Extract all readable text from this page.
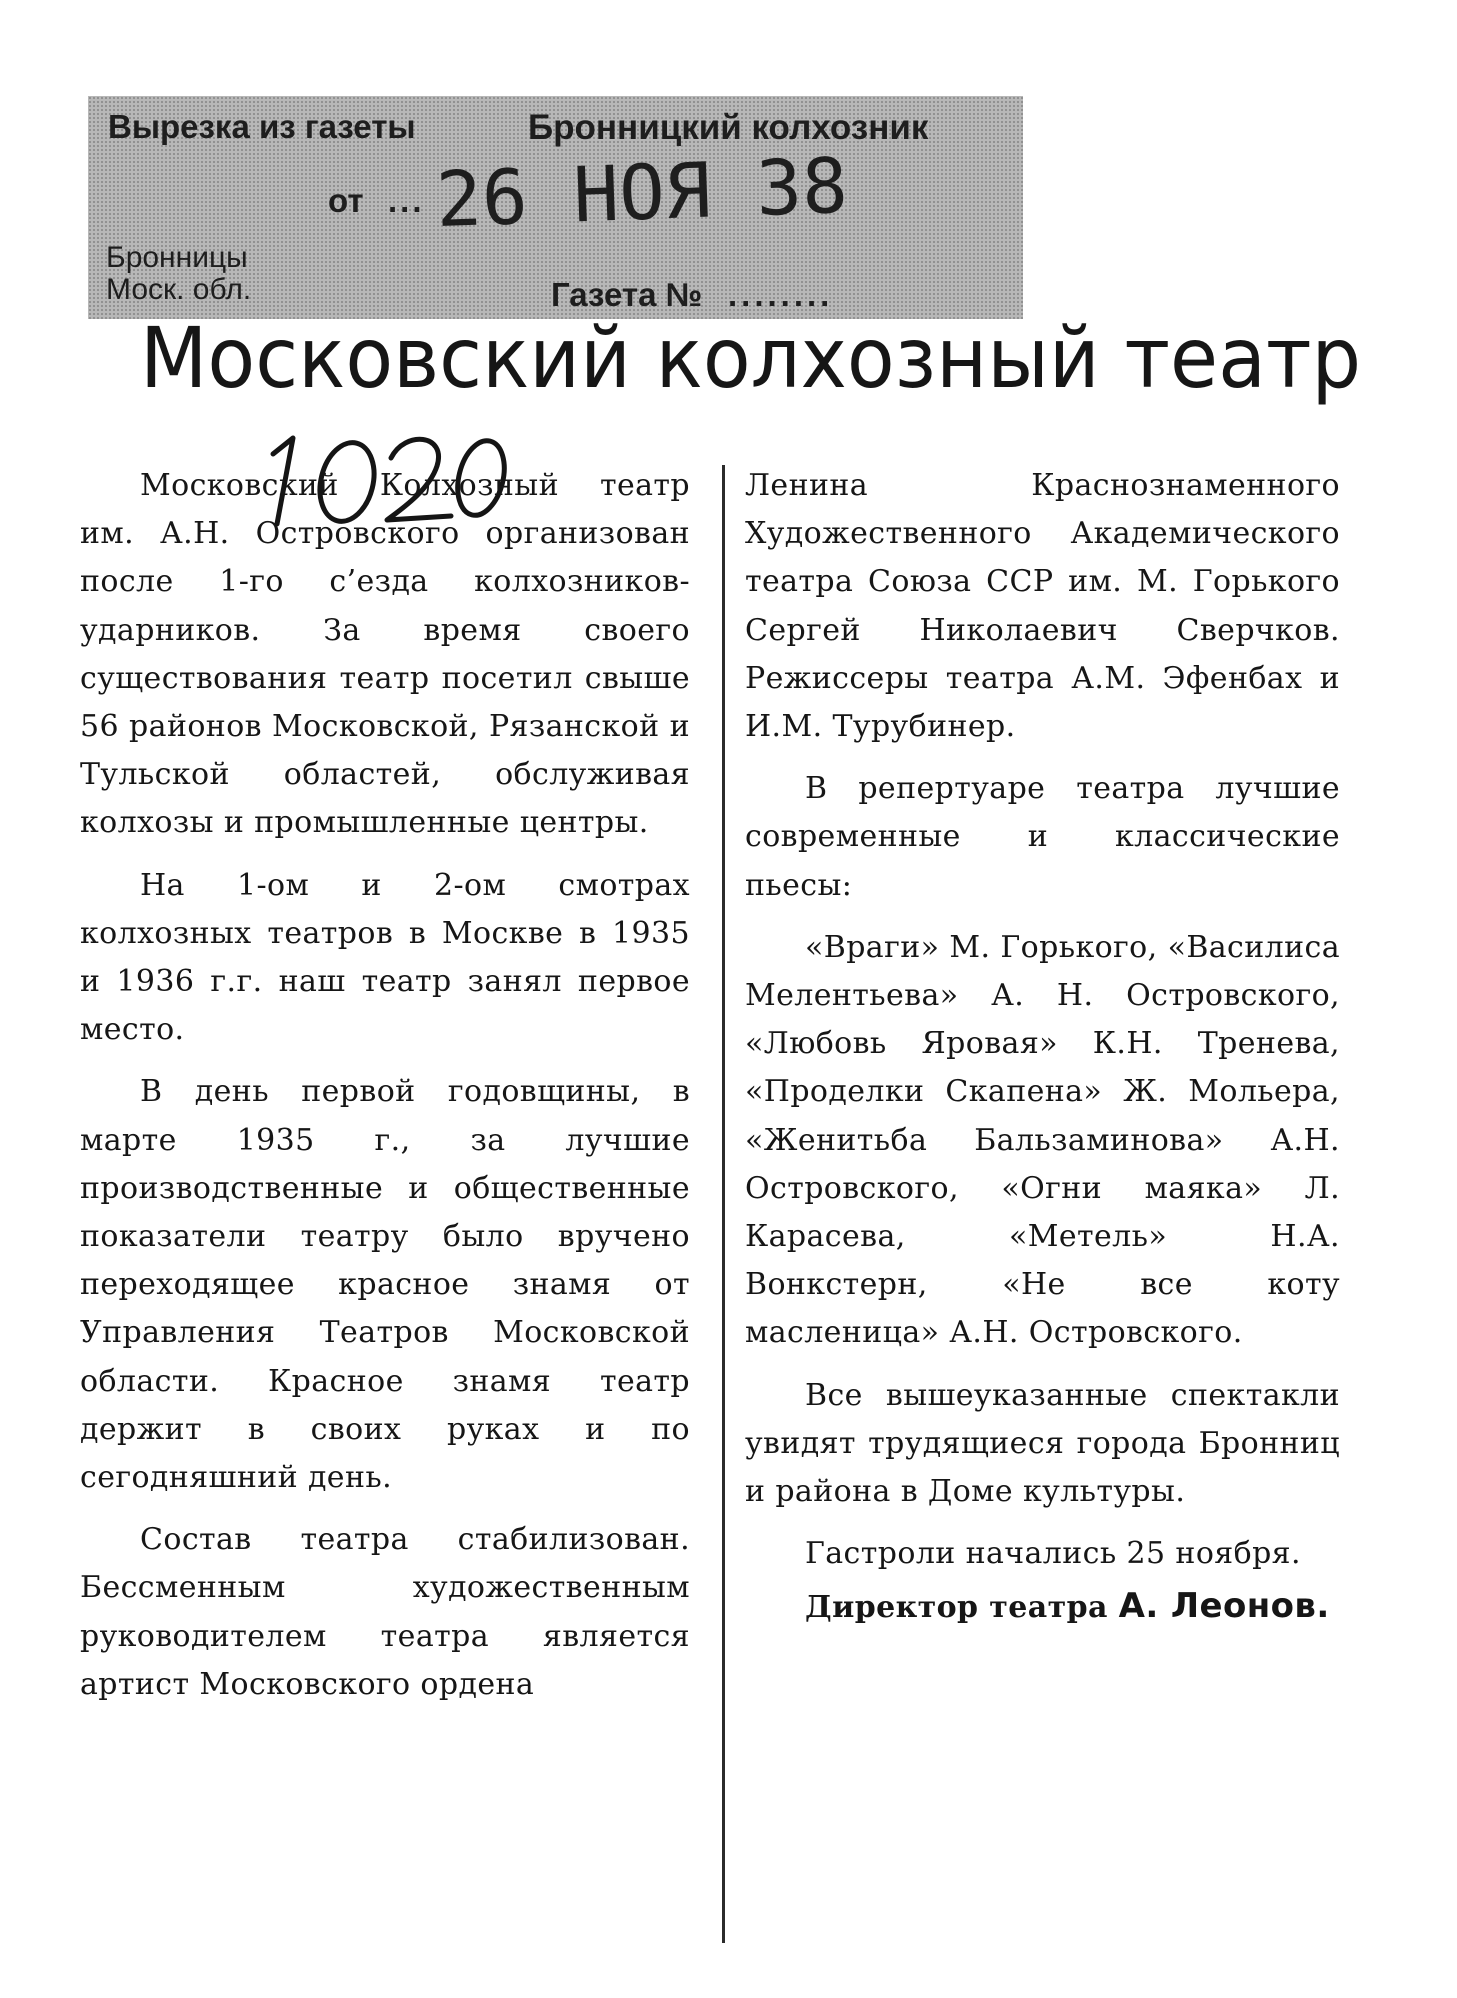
Вырезка из газеты	Бронницкий колхозник
от ... 26 НОЯ 38
Бронницы
Моск. обл.	Газета № ........
Московский колхозный театр

Московский Колхозный театр им. А.Н. Островского организован после 1-го с’езда колхозников-ударников. За время своего существования театр посетил свыше 56 районов Московской, Рязанской и Тульской областей, обслуживая колхозы и промышленные центры.

На 1-ом и 2-ом смотрах колхозных театров в Москве в 1935 и 1936 г.г. наш театр занял первое место.

В день первой годовщины, в марте 1935 г., за лучшие производственные и общественные показатели театру было вручено переходящее красное знамя от Управления Театров Московской области. Красное знамя театр держит в своих руках и по сегодняшний день.

Состав театра стабилизован. Бессменным художественным руководителем театра является артист Московского ордена

Ленина Краснознаменного Художественного Академического театра Союза ССР им. М. Горького Сергей Николаевич Сверчков. Режиссеры театра А.М. Эфенбах и И.М. Турубинер.

В репертуаре театра лучшие современные и классические пьесы:

«Враги» М. Горького, «Василиса Мелентьева» А. Н. Островского, «Любовь Яровая» К.Н. Тренева, «Проделки Скапена» Ж. Мольера, «Женитьба Бальзаминова» А.Н. Островского, «Огни маяка» Л. Карасева, «Метель» Н.А. Вонкстерн, «Не все коту масленица» А.Н. Островского.

Все вышеуказанные спектакли увидят трудящиеся города Бронниц и района в Доме культуры.

Гастроли начались 25 ноября.

Директор театра А. Леонов.
